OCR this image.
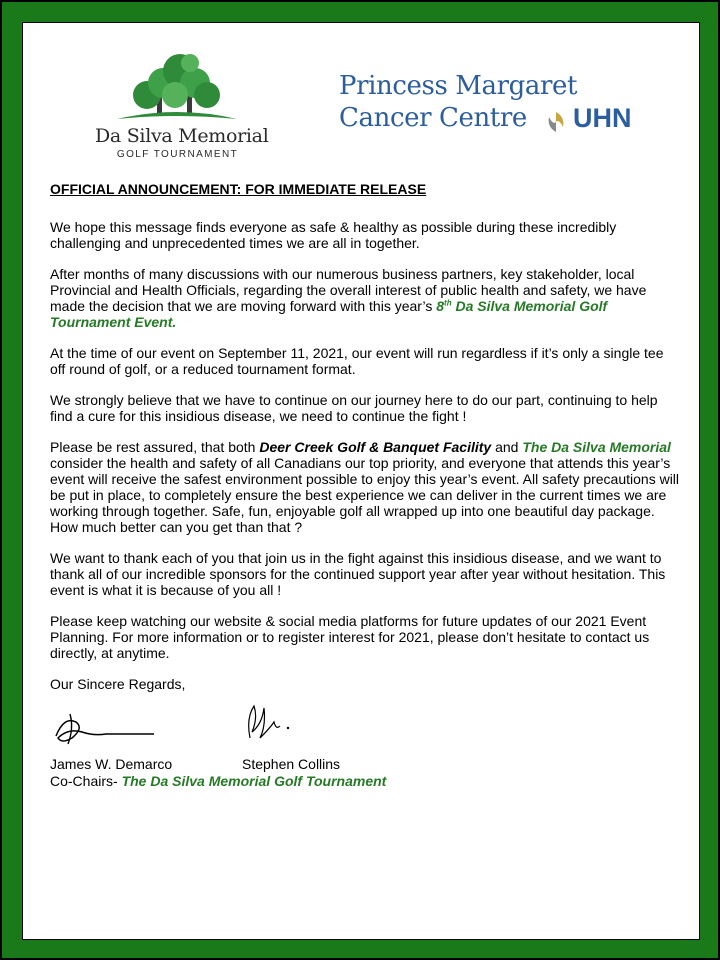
Da Silva Memorial
GOLF TOURNAMENT
Princess Margaret
Cancer Centre UHN
OFFICIAL ANNOUNCEMENT: FOR IMMEDIATE RELEASE
We hope this message finds everyone as safe & healthy as possible during these incredibly challenging and unprecedented times we are all in together.
After months of many discussions with our numerous business partners, key stakeholder, local Provincial and Health Officials, regarding the overall interest of public health and safety, we have made the decision that we are moving forward with this year’s 8th Da Silva Memorial Golf Tournament Event.
At the time of our event on September 11, 2021, our event will run regardless if it’s only a single tee off round of golf, or a reduced tournament format.
We strongly believe that we have to continue on our journey here to do our part, continuing to help find a cure for this insidious disease, we need to continue the fight !
Please be rest assured, that both Deer Creek Golf & Banquet Facility and The Da Silva Memorial consider the health and safety of all Canadians our top priority, and everyone that attends this year’s event will receive the safest environment possible to enjoy this year’s event. All safety precautions will be put in place, to completely ensure the best experience we can deliver in the current times we are working through together. Safe, fun, enjoyable golf all wrapped up into one beautiful day package. How much better can you get than that ?
We want to thank each of you that join us in the fight against this insidious disease, and we want to thank all of our incredible sponsors for the continued support year after year without hesitation. This event is what it is because of you all !
Please keep watching our website & social media platforms for future updates of our 2021 Event Planning. For more information or to register interest for 2021, please don’t hesitate to contact us directly, at anytime.
Our Sincere Regards,
James W. Demarco	Stephen Collins
Co-Chairs- The Da Silva Memorial Golf Tournament
